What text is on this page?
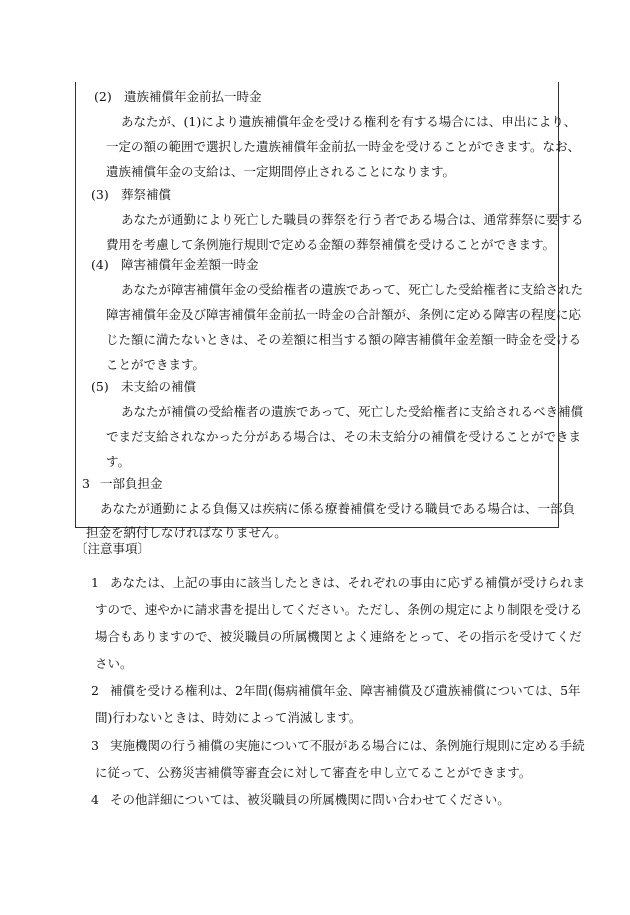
(2) 遺族補償年金前払一時金
あなたが、(1)により遺族補償年金を受ける権利を有する場合には、申出により、
一定の額の範囲で選択した遺族補償年金前払一時金を受けることができます。なお、
遺族補償年金の支給は、一定期間停止されることになります。
(3) 葬祭補償
あなたが通勤により死亡した職員の葬祭を行う者である場合は、通常葬祭に要する
費用を考慮して条例施行規則で定める金額の葬祭補償を受けることができます。
(4) 障害補償年金差額一時金
あなたが障害補償年金の受給権者の遺族であって、死亡した受給権者に支給された
障害補償年金及び障害補償年金前払一時金の合計額が、条例に定める障害の程度に応
じた額に満たないときは、その差額に相当する額の障害補償年金差額一時金を受ける
ことができます。
(5) 未支給の補償
あなたが補償の受給権者の遺族であって、死亡した受給権者に支給されるべき補償
でまだ支給されなかった分がある場合は、その未支給分の補償を受けることができま
す。
3 一部負担金
あなたが通勤による負傷又は疾病に係る療養補償を受ける職員である場合は、一部負
担金を納付しなければなりません。
〔注意事項〕
1 あなたは、上記の事由に該当したときは、それぞれの事由に応ずる補償が受けられま
すので、速やかに請求書を提出してください。ただし、条例の規定により制限を受ける
場合もありますので、被災職員の所属機関とよく連絡をとって、その指示を受けてくだ
さい。
2 補償を受ける権利は、2年間(傷病補償年金、障害補償及び遺族補償については、5年
間)行わないときは、時効によって消滅します。
3 実施機関の行う補償の実施について不服がある場合には、条例施行規則に定める手続
に従って、公務災害補償等審査会に対して審査を申し立てることができます。
4 その他詳細については、被災職員の所属機関に問い合わせてください。
